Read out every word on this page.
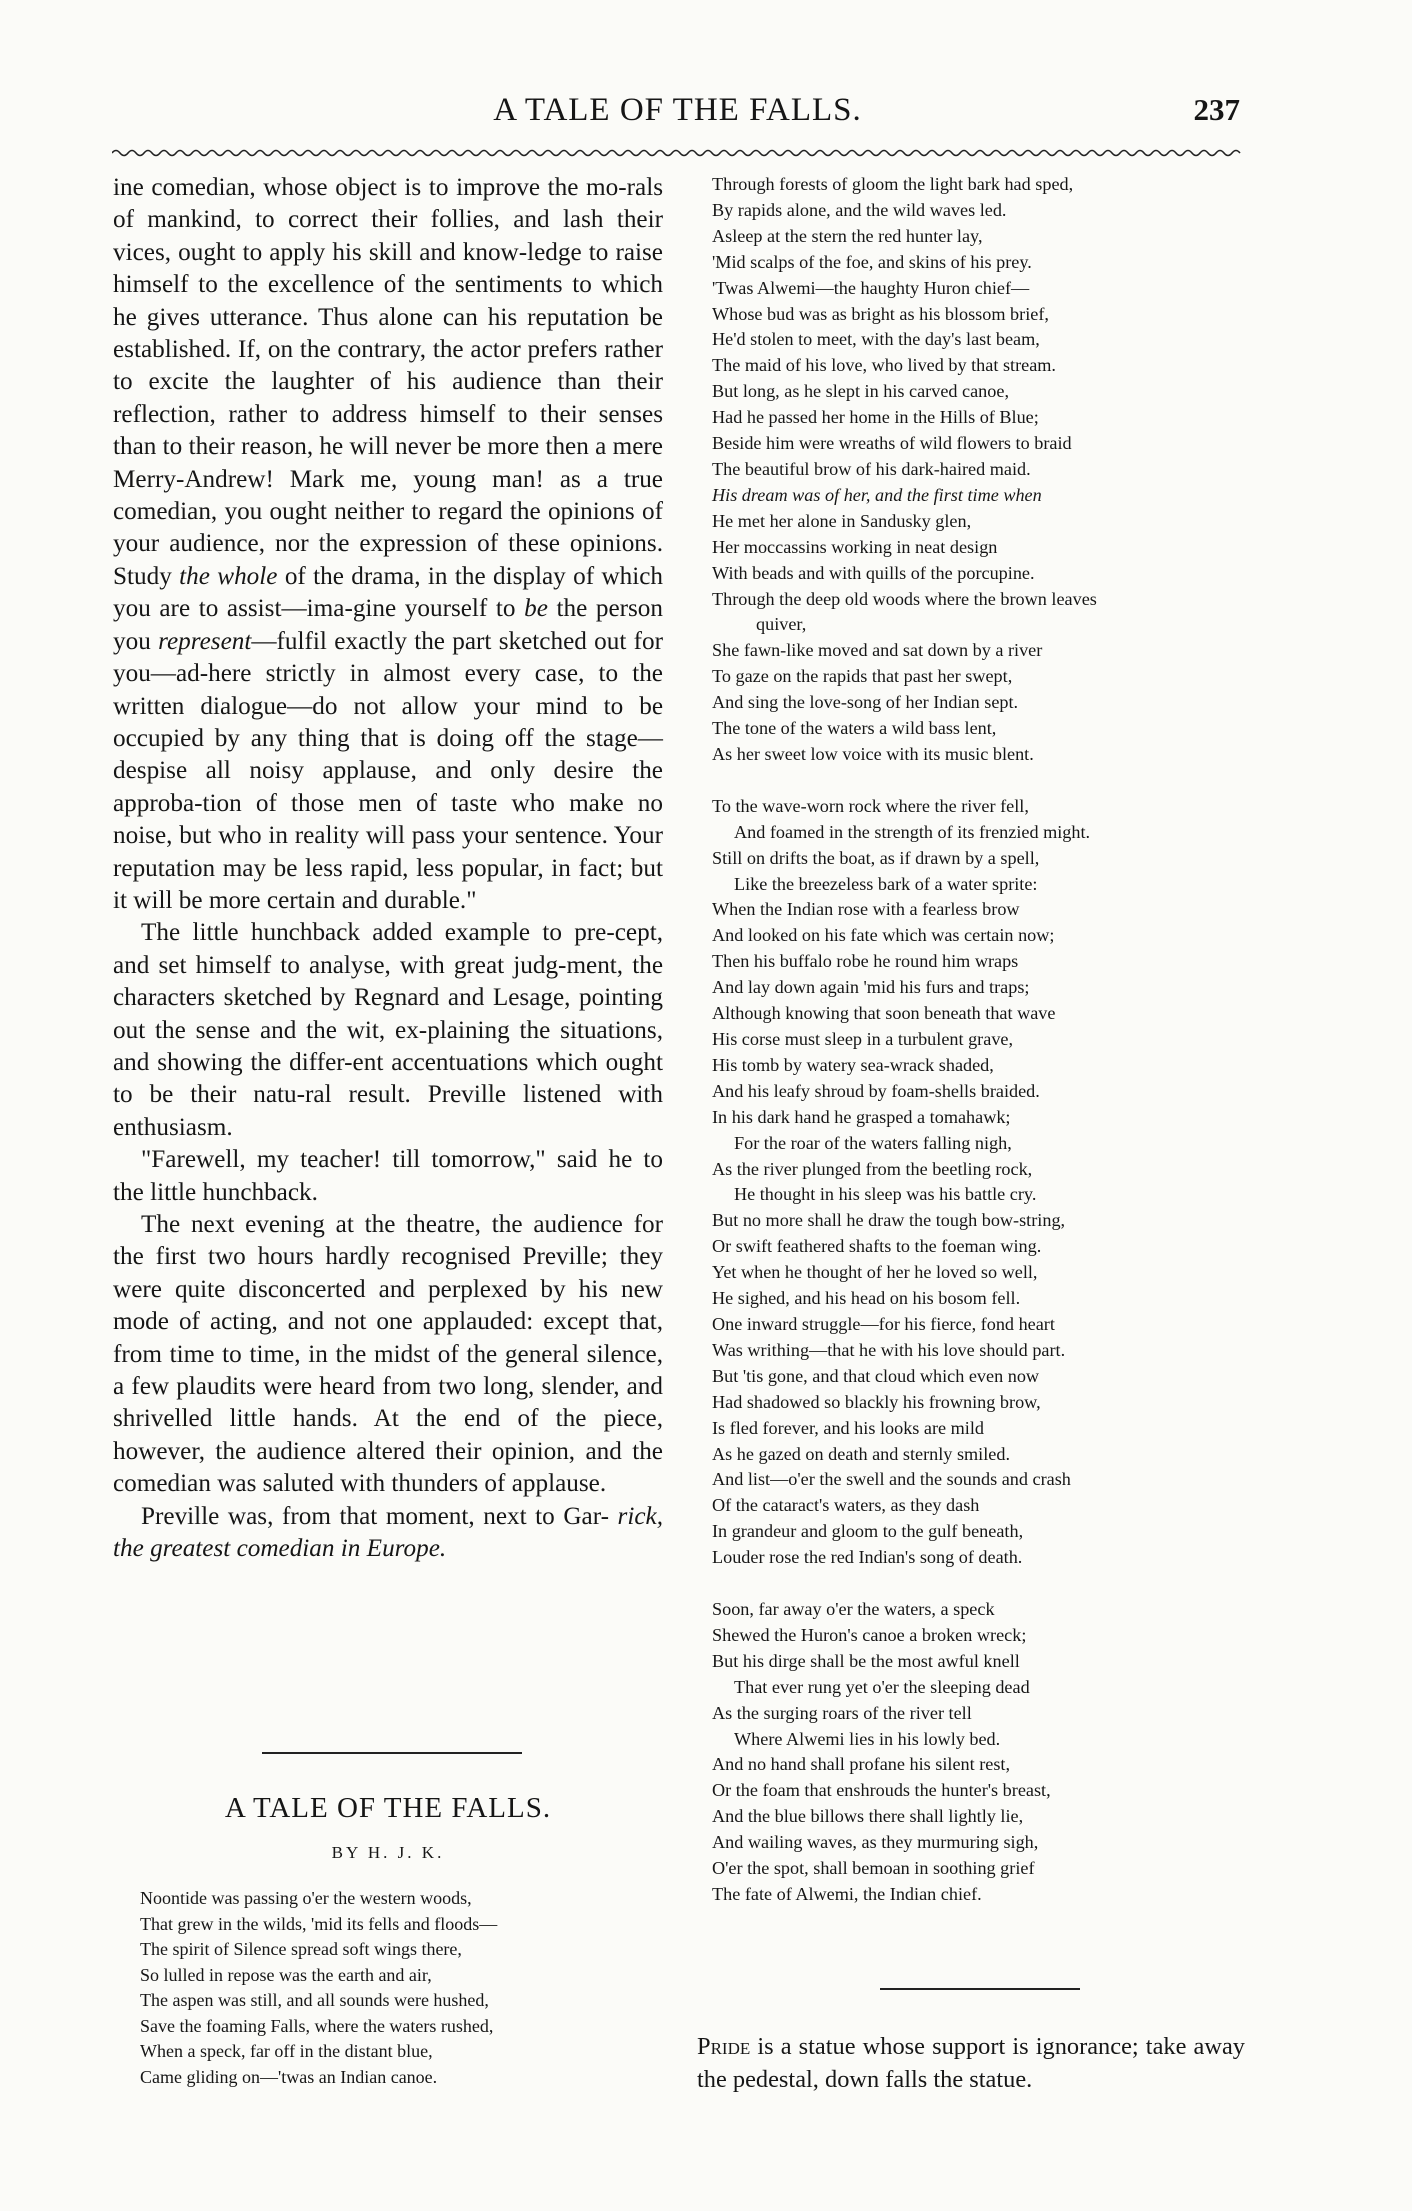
A TALE OF THE FALLS.	237

ine comedian, whose object is to improve the mo-rals of mankind, to correct their follies, and lash their vices, ought to apply his skill and know-ledge to raise himself to the excellence of the sentiments to which he gives utterance. Thus alone can his reputation be established. If, on the contrary, the actor prefers rather to excite the laughter of his audience than their reflection, rather to address himself to their senses than to their reason, he will never be more then a mere Merry-Andrew! Mark me, young man! as a true comedian, you ought neither to regard the opinions of your audience, nor the expression of these opinions. Study the whole of the drama, in the display of which you are to assist—ima-gine yourself to be the person you represent—fulfil exactly the part sketched out for you—ad-here strictly in almost every case, to the written dialogue—do not allow your mind to be occupied by any thing that is doing off the stage—despise all noisy applause, and only desire the approba-tion of those men of taste who make no noise, but who in reality will pass your sentence. Your reputation may be less rapid, less popular, in fact; but it will be more certain and durable."

The little hunchback added example to pre-cept, and set himself to analyse, with great judg-ment, the characters sketched by Regnard and Lesage, pointing out the sense and the wit, ex-plaining the situations, and showing the differ-ent accentuations which ought to be their natu-ral result. Preville listened with enthusiasm.

"Farewell, my teacher! till tomorrow," said he to the little hunchback.

The next evening at the theatre, the audience for the first two hours hardly recognised Preville; they were quite disconcerted and perplexed by his new mode of acting, and not one applauded: except that, from time to time, in the midst of the general silence, a few plaudits were heard from two long, slender, and shrivelled little hands. At the end of the piece, however, the audience altered their opinion, and the comedian was saluted with thunders of applause.

Preville was, from that moment, next to Gar- rick, the greatest comedian in Europe.

A TALE OF THE FALLS.
BY H. J. K.
Noontide was passing o'er the western woods,
That grew in the wilds, 'mid its fells and floods—
The spirit of Silence spread soft wings there,
So lulled in repose was the earth and air,
The aspen was still, and all sounds were hushed,
Save the foaming Falls, where the waters rushed,
When a speck, far off in the distant blue,
Came gliding on—'twas an Indian canoe.
Through forests of gloom the light bark had sped,
By rapids alone, and the wild waves led.
Asleep at the stern the red hunter lay,
'Mid scalps of the foe, and skins of his prey.
'Twas Alwemi—the haughty Huron chief—
Whose bud was as bright as his blossom brief,
He'd stolen to meet, with the day's last beam,
The maid of his love, who lived by that stream.
But long, as he slept in his carved canoe,
Had he passed her home in the Hills of Blue;
Beside him were wreaths of wild flowers to braid
The beautiful brow of his dark-haired maid.
His dream was of her, and the first time when
He met her alone in Sandusky glen,
Her moccassins working in neat design
With beads and with quills of the porcupine.
Through the deep old woods where the brown leaves
quiver,
She fawn-like moved and sat down by a river
To gaze on the rapids that past her swept,
And sing the love-song of her Indian sept.
The tone of the waters a wild bass lent,
As her sweet low voice with its music blent.
To the wave-worn rock where the river fell,
And foamed in the strength of its frenzied might.
Still on drifts the boat, as if drawn by a spell,
Like the breezeless bark of a water sprite:
When the Indian rose with a fearless brow
And looked on his fate which was certain now;
Then his buffalo robe he round him wraps
And lay down again 'mid his furs and traps;
Although knowing that soon beneath that wave
His corse must sleep in a turbulent grave,
His tomb by watery sea-wrack shaded,
And his leafy shroud by foam-shells braided.
In his dark hand he grasped a tomahawk;
For the roar of the waters falling nigh,
As the river plunged from the beetling rock,
He thought in his sleep was his battle cry.
But no more shall he draw the tough bow-string,
Or swift feathered shafts to the foeman wing.
Yet when he thought of her he loved so well,
He sighed, and his head on his bosom fell.
One inward struggle—for his fierce, fond heart
Was writhing—that he with his love should part.
But 'tis gone, and that cloud which even now
Had shadowed so blackly his frowning brow,
Is fled forever, and his looks are mild
As he gazed on death and sternly smiled.
And list—o'er the swell and the sounds and crash
Of the cataract's waters, as they dash
In grandeur and gloom to the gulf beneath,
Louder rose the red Indian's song of death.
Soon, far away o'er the waters, a speck
Shewed the Huron's canoe a broken wreck;
But his dirge shall be the most awful knell
That ever rung yet o'er the sleeping dead
As the surging roars of the river tell
Where Alwemi lies in his lowly bed.
And no hand shall profane his silent rest,
Or the foam that enshrouds the hunter's breast,
And the blue billows there shall lightly lie,
And wailing waves, as they murmuring sigh,
O'er the spot, shall bemoan in soothing grief
The fate of Alwemi, the Indian chief.
Pride is a statue whose support is ignorance; take away the pedestal, down falls the statue.
